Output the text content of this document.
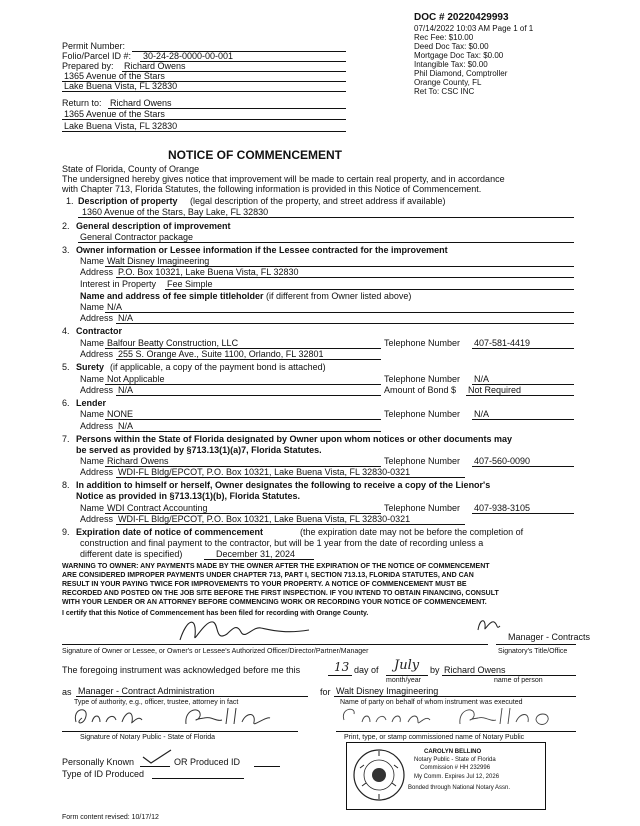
DOC # 20220429993
07/14/2022 10:03 AM Page 1 of 1
Rec Fee: $10.00
Deed Doc Tax: $0.00
Mortgage Doc Tax: $0.00
Intangible Tax: $0.00
Phil Diamond, Comptroller
Orange County, FL
Ret To: CSC INC
Permit Number:
Folio/Parcel ID #: 30-24-28-0000-00-001
Prepared by: Richard Owens
1365 Avenue of the Stars
Lake Buena Vista, FL 32830
Return to: Richard Owens
1365 Avenue of the Stars
Lake Buena Vista, FL 32830
NOTICE OF COMMENCEMENT
State of Florida, County of Orange
The undersigned hereby gives notice that improvement will be made to certain real property, and in accordance
with Chapter 713, Florida Statutes, the following information is provided in this Notice of Commencement.
1. Description of property (legal description of the property, and street address if available)
1360 Avenue of the Stars, Bay Lake, FL 32830
2. General description of improvement
General Contractor package
3. Owner information or Lessee information if the Lessee contracted for the improvement
Name Walt Disney Imagineering
Address P.O. Box 10321, Lake Buena Vista, FL 32830
Interest in Property Fee Simple
Name and address of fee simple titleholder (if different from Owner listed above)
Name N/A
Address N/A
4. Contractor
Name Balfour Beatty Construction, LLC	Telephone Number 407-581-4419
Address 255 S. Orange Ave., Suite 1100, Orlando, FL 32801
5. Surety (if applicable, a copy of the payment bond is attached)
Name Not Applicable	Telephone Number N/A
Address N/A	Amount of Bond $ Not Required
6. Lender
Name NONE	Telephone Number N/A
Address N/A
7. Persons within the State of Florida designated by Owner upon whom notices or other documents may
be served as provided by §713.13(1)(a)7, Florida Statutes.
Name Richard Owens	Telephone Number 407-560-0090
Address WDI-FL Bldg/EPCOT, P.O. Box 10321, Lake Buena Vista, FL 32830-0321
8. In addition to himself or herself, Owner designates the following to receive a copy of the Lienor's
Notice as provided in §713.13(1)(b), Florida Statutes.
Name WDI Contract Accounting	Telephone Number 407-938-3105
Address WDI-FL Bldg/EPCOT, P.O. Box 10321, Lake Buena Vista, FL 32830-0321
9. Expiration date of notice of commencement	(the expiration date may not be before the completion of
construction and final payment to the contractor, but will be 1 year from the date of recording unless a
different date is specified)	December 31, 2024
WARNING TO OWNER: ANY PAYMENTS MADE BY THE OWNER AFTER THE EXPIRATION OF THE NOTICE OF COMMENCEMENT
ARE CONSIDERED IMPROPER PAYMENTS UNDER CHAPTER 713, PART I, SECTION 713.13, FLORIDA STATUTES, AND CAN
RESULT IN YOUR PAYING TWICE FOR IMPROVEMENTS TO YOUR PROPERTY. A NOTICE OF COMMENCEMENT MUST BE
RECORDED AND POSTED ON THE JOB SITE BEFORE THE FIRST INSPECTION. IF YOU INTEND TO OBTAIN FINANCING, CONSULT
WITH YOUR LENDER OR AN ATTORNEY BEFORE COMMENCING WORK OR RECORDING YOUR NOTICE OF COMMENCEMENT.
I certify that this Notice of Commencement has been filed for recording with Orange County.
Manager - Contracts
Signature of Owner or Lessee, or Owner's or Lessee's Authorized Officer/Director/Partner/Manager	Signatory's Title/Office
The foregoing instrument was acknowledged before me this	13 day of July by Richard Owens
month/year	name of person
as Manager - Contract Administration	for Walt Disney Imagineering
Type of authority, e.g., officer, trustee, attorney in fact	Name of party on behalf of whom instrument was executed
Signature of Notary Public - State of Florida	Print, type, or stamp commissioned name of Notary Public
Personally Known	OR Produced ID
Type of ID Produced
CAROLYN BELLINO
Notary Public - State of Florida
Commission # HH 232996
My Comm. Expires Jul 12, 2026
Bonded through National Notary Assn.
Form content revised: 10/17/12
